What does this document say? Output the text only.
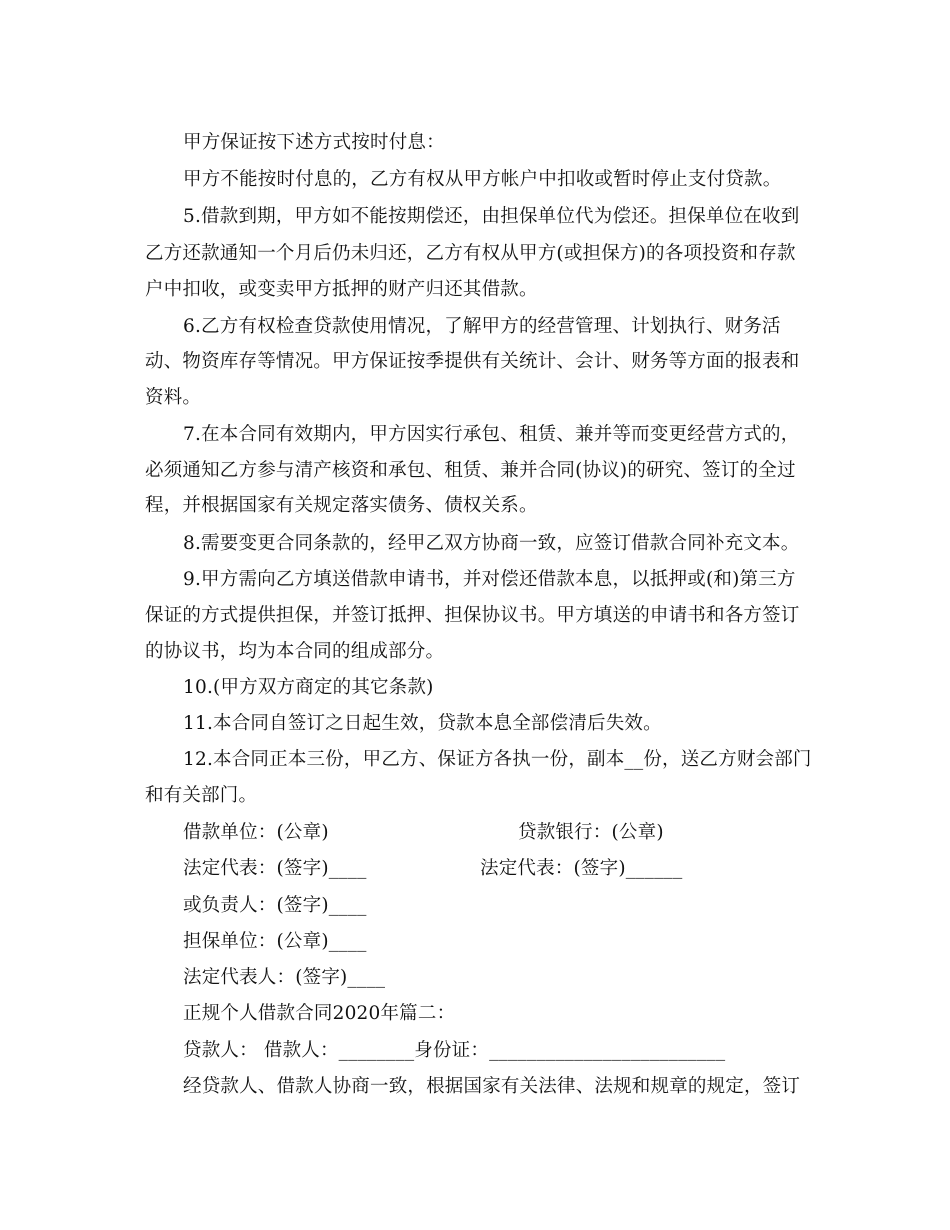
甲方保证按下述方式按时付息：
甲方不能按时付息的，乙方有权从甲方帐户中扣收或暂时停止支付贷款。
5.借款到期，甲方如不能按期偿还，由担保单位代为偿还。担保单位在收到
乙方还款通知一个月后仍未归还，乙方有权从甲方(或担保方)的各项投资和存款
户中扣收，或变卖甲方抵押的财产归还其借款。
6.乙方有权检查贷款使用情况，了解甲方的经营管理、计划执行、财务活
动、物资库存等情况。甲方保证按季提供有关统计、会计、财务等方面的报表和
资料。
7.在本合同有效期内，甲方因实行承包、租赁、兼并等而变更经营方式的，
必须通知乙方参与清产核资和承包、租赁、兼并合同(协议)的研究、签订的全过
程，并根据国家有关规定落实债务、债权关系。
8.需要变更合同条款的，经甲乙双方协商一致，应签订借款合同补充文本。
9.甲方需向乙方填送借款申请书，并对偿还借款本息，以抵押或(和)第三方
保证的方式提供担保，并签订抵押、担保协议书。甲方填送的申请书和各方签订
的协议书，均为本合同的组成部分。
10.(甲方双方商定的其它条款)
11.本合同自签订之日起生效，贷款本息全部偿清后失效。
12.本合同正本三份，甲乙方、保证方各执一份，副本__份，送乙方财会部门
和有关部门。
借款单位：(公章)	贷款银行：(公章)
法定代表：(签字)____	法定代表：(签字)______
或负责人：(签字)____
担保单位：(公章)____
法定代表人：(签字)____
正规个人借款合同2020年篇二：
贷款人： 借款人：________身份证：_________________________
经贷款人、借款人协商一致，根据国家有关法律、法规和规章的规定，签订
